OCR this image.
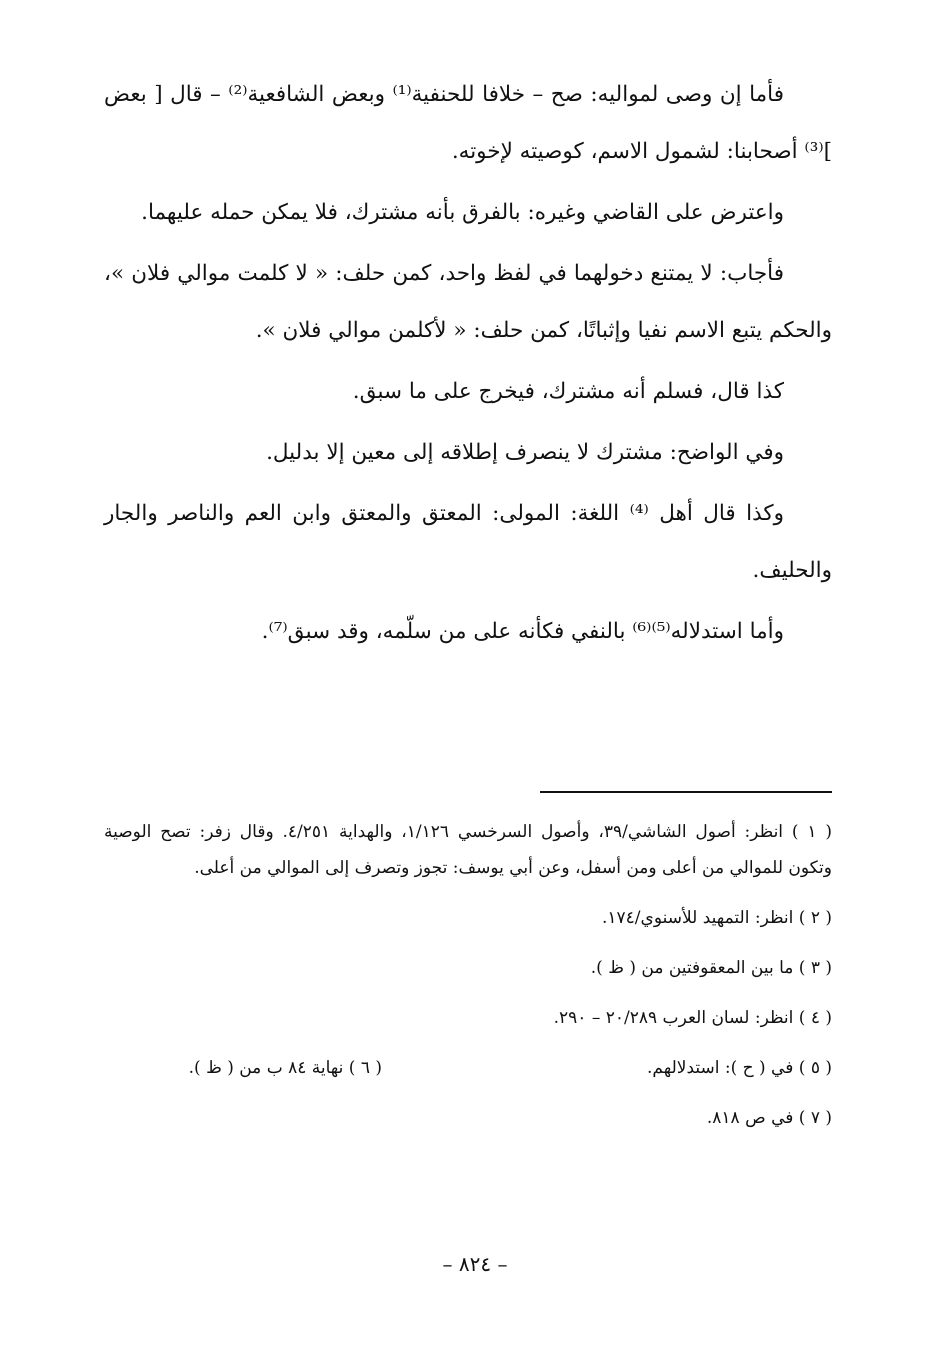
فأما إن وصى لمواليه: صح – خلافا للحنفية⁽¹⁾ وبعض الشافعية⁽²⁾ – قال [ بعض ]⁽³⁾ أصحابنا: لشمول الاسم، كوصيته لإخوته.

واعترض على القاضي وغيره: بالفرق بأنه مشترك، فلا يمكن حمله عليهما.

فأجاب: لا يمتنع دخولهما في لفظ واحد، كمن حلف: « لا كلمت موالي فلان »، والحكم يتبع الاسم نفيا وإثباتًا، كمن حلف: « لأكلمن موالي فلان ».

كذا قال، فسلم أنه مشترك، فيخرج على ما سبق.

وفي الواضح: مشترك لا ينصرف إطلاقه إلى معين إلا بدليل.

وكذا قال أهل ⁽⁴⁾ اللغة: المولى: المعتق والمعتق وابن العم والناصر والجار والحليف.

وأما استدلاله⁽⁵⁾⁽⁶⁾ بالنفي فكأنه على من سلّمه، وقد سبق⁽⁷⁾.

( ١ ) انظر: أصول الشاشي/٣٩، وأصول السرخسي ١/١٢٦، والهداية ٤/٢٥١. وقال زفر: تصح الوصية وتكون للموالي من أعلى ومن أسفل، وعن أبي يوسف: تجوز وتصرف إلى الموالي من أعلى.
( ٢ ) انظر: التمهيد للأسنوي/١٧٤.
( ٣ ) ما بين المعقوفتين من ( ظ ).
( ٤ ) انظر: لسان العرب ٢٠/٢٨٩ – ٢٩٠.
( ٥ ) في ( ح ): استدلالهم.
( ٦ ) نهاية ٨٤ ب من ( ظ ).
( ٧ ) في ص ٨١٨.
– ٨٢٤ –
